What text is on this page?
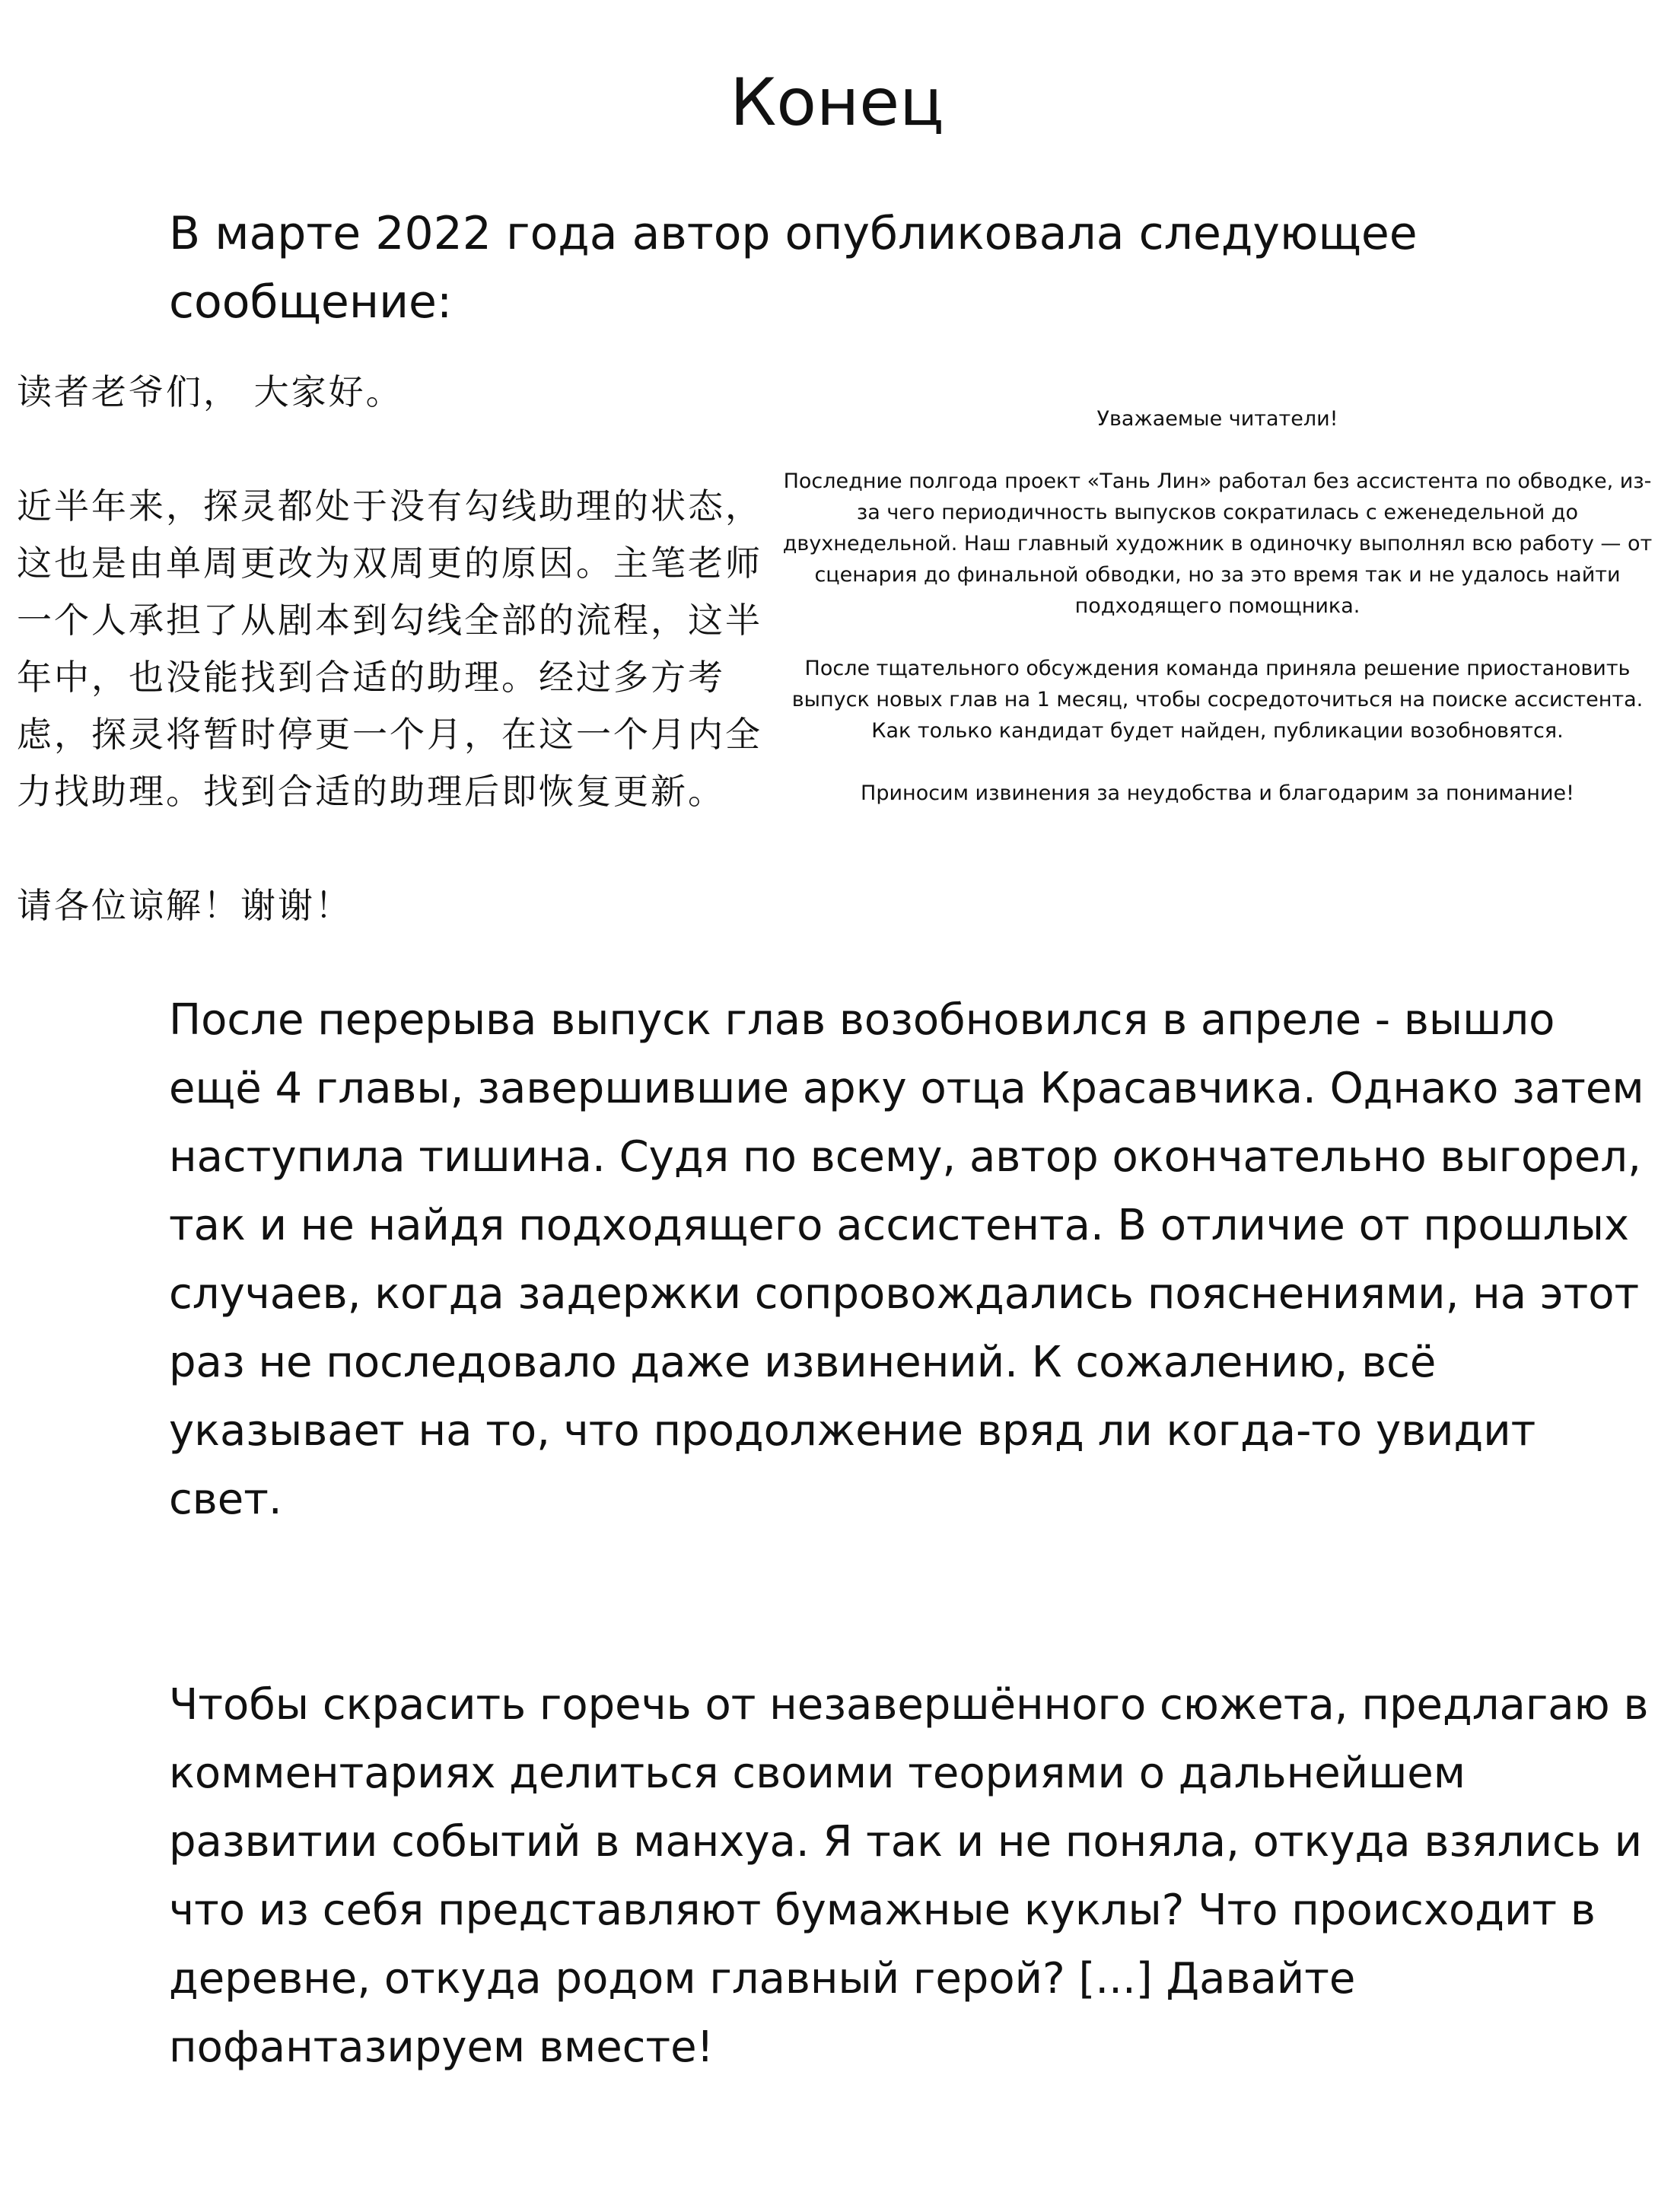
Конец

В марте 2022 года автор опубликовала следующее сообщение:

读者老爷们， 大家好。

近半年来，探灵都处于没有勾线助理的状态，这也是由单周更改为双周更的原因。主笔老师一个人承担了从剧本到勾线全部的流程，这半年中，也没能找到合适的助理。经过多方考虑，探灵将暂时停更一个月，在这一个月内全力找助理。找到合适的助理后即恢复更新。

请各位谅解！谢谢！

Уважаемые читатели!

Последние полгода проект «Тань Лин» работал без ассистента по обводке, из-за чего периодичность выпусков сократилась с еженедельной до двухнедельной. Наш главный художник в одиночку выполнял всю работу — от сценария до финальной обводки, но за это время так и не удалось найти подходящего помощника.

После тщательного обсуждения команда приняла решение приостановить выпуск новых глав на 1 месяц, чтобы сосредоточиться на поиске ассистента. Как только кандидат будет найден, публикации возобновятся.

Приносим извинения за неудобства и благодарим за понимание!

После перерыва выпуск глав возобновился в апреле - вышло ещё 4 главы, завершившие арку отца Красавчика. Однако затем наступила тишина. Судя по всему, автор окончательно выгорел, так и не найдя подходящего ассистента. В отличие от прошлых случаев, когда задержки сопровождались пояснениями, на этот раз не последовало даже извинений. К сожалению, всё указывает на то, что продолжение вряд ли когда-то увидит свет.

Чтобы скрасить горечь от незавершённого сюжета, предлагаю в комментариях делиться своими теориями о дальнейшем развитии событий в манхуа. Я так и не поняла, откуда взялись и что из себя представляют бумажные куклы? Что происходит в деревне, откуда родом главный герой? [...] Давайте пофантазируем вместе!
